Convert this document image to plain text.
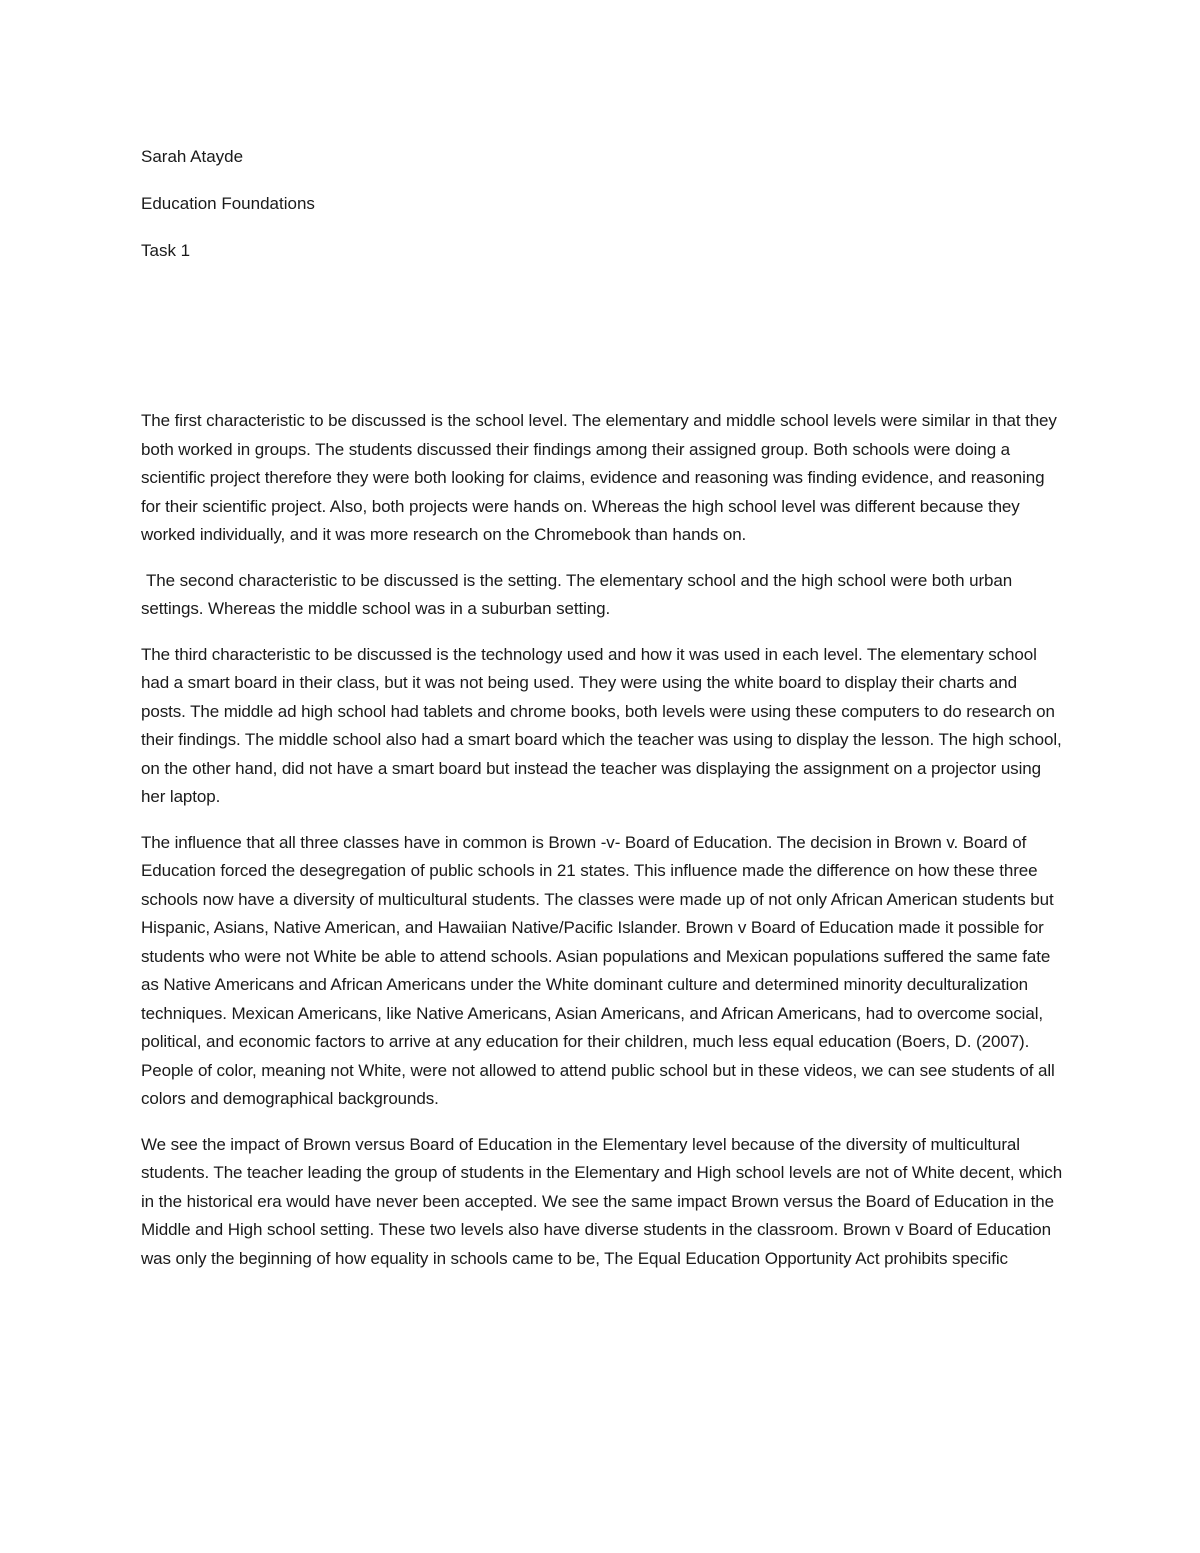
Sarah Atayde

Education Foundations

Task 1

The first characteristic to be discussed is the school level. The elementary and middle school levels were similar in that they both worked in groups. The students discussed their findings among their assigned group. Both schools were doing a scientific project therefore they were both looking for claims, evidence and reasoning was finding evidence, and reasoning for their scientific project. Also, both projects were hands on. Whereas the high school level was different because they worked individually, and it was more research on the Chromebook than hands on.

The second characteristic to be discussed is the setting. The elementary school and the high school were both urban settings. Whereas the middle school was in a suburban setting.

The third characteristic to be discussed is the technology used and how it was used in each level. The elementary school had a smart board in their class, but it was not being used. They were using the white board to display their charts and posts. The middle ad high school had tablets and chrome books, both levels were using these computers to do research on their findings. The middle school also had a smart board which the teacher was using to display the lesson. The high school, on the other hand, did not have a smart board but instead the teacher was displaying the assignment on a projector using her laptop.

The influence that all three classes have in common is Brown -v- Board of Education. The decision in Brown v. Board of Education forced the desegregation of public schools in 21 states. This influence made the difference on how these three schools now have a diversity of multicultural students. The classes were made up of not only African American students but Hispanic, Asians, Native American, and Hawaiian Native/Pacific Islander. Brown v Board of Education made it possible for students who were not White be able to attend schools. Asian populations and Mexican populations suffered the same fate as Native Americans and African Americans under the White dominant culture and determined minority deculturalization techniques. Mexican Americans, like Native Americans, Asian Americans, and African Americans, had to overcome social, political, and economic factors to arrive at any education for their children, much less equal education (Boers, D. (2007). People of color, meaning not White, were not allowed to attend public school but in these videos, we can see students of all colors and demographical backgrounds.

We see the impact of Brown versus Board of Education in the Elementary level because of the diversity of multicultural students. The teacher leading the group of students in the Elementary and High school levels are not of White decent, which in the historical era would have never been accepted. We see the same impact Brown versus the Board of Education in the Middle and High school setting. These two levels also have diverse students in the classroom. Brown v Board of Education was only the beginning of how equality in schools came to be, The Equal Education Opportunity Act prohibits specific
